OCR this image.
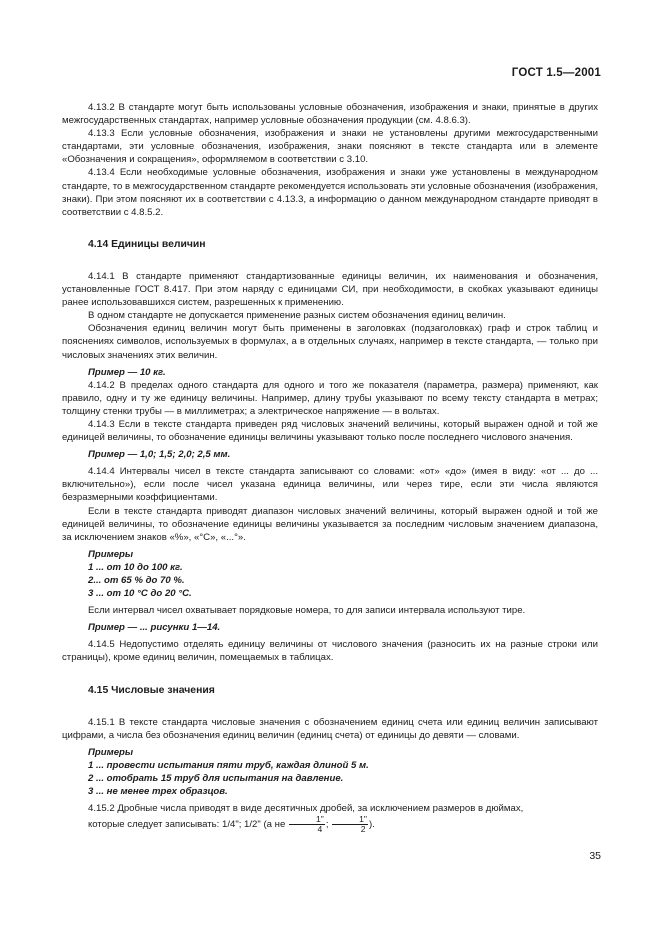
ГОСТ 1.5—2001

4.13.2 В стандарте могут быть использованы условные обозначения, изображения и знаки, принятые в других межгосударственных стандартах, например условные обозначения продукции (см. 4.8.6.3).

4.13.3 Если условные обозначения, изображения и знаки не установлены другими межгосударственными стандартами, эти условные обозначения, изображения, знаки поясняют в тексте стандарта или в элементе «Обозначения и сокращения», оформляемом в соответствии с 3.10.

4.13.4 Если необходимые условные обозначения, изображения и знаки уже установлены в международном стандарте, то в межгосударственном стандарте рекомендуется использовать эти условные обозначения (изображения, знаки). При этом поясняют их в соответствии с 4.13.3, а информацию о данном международном стандарте приводят в соответствии с 4.8.5.2.

4.14 Единицы величин

4.14.1 В стандарте применяют стандартизованные единицы величин, их наименования и обозначения, установленные ГОСТ 8.417. При этом наряду с единицами СИ, при необходимости, в скобках указывают единицы ранее использовавшихся систем, разрешенных к применению.

В одном стандарте не допускается применение разных систем обозначения единиц величин.

Обозначения единиц величин могут быть применены в заголовках (подзаголовках) граф и строк таблиц и пояснениях символов, используемых в формулах, а в отдельных случаях, например в тексте стандарта, — только при числовых значениях этих величин.

Пример — 10 кг.

4.14.2 В пределах одного стандарта для одного и того же показателя (параметра, размера) применяют, как правило, одну и ту же единицу величины. Например, длину трубы указывают по всему тексту стандарта в метрах; толщину стенки трубы — в миллиметрах; а электрическое напряжение — в вольтах.

4.14.3 Если в тексте стандарта приведен ряд числовых значений величины, который выражен одной и той же единицей величины, то обозначение единицы величины указывают только после последнего числового значения.

Пример — 1,0; 1,5; 2,0; 2,5 мм.

4.14.4 Интервалы чисел в тексте стандарта записывают со словами: «от» «до» (имея в виду: «от ... до ... включительно»), если после чисел указана единица величины, или через тире, если эти числа являются безразмерными коэффициентами.

Если в тексте стандарта приводят диапазон числовых значений величины, который выражен одной и той же единицей величины, то обозначение единицы величины указывается за последним числовым значением диапазона, за исключением знаков «%», «°С», «...°».

Примеры

1 ... от 10 до 100 кг.

2... от 65 % до 70 %.

3 ... от 10 °С до 20 °С.

Если интервал чисел охватывает порядковые номера, то для записи интервала используют тире.

Пример — ... рисунки 1—14.

4.14.5 Недопустимо отделять единицу величины от числового значения (разносить их на разные строки или страницы), кроме единиц величин, помещаемых в таблицах.

4.15 Числовые значения

4.15.1 В тексте стандарта числовые значения с обозначением единиц счета или единиц величин записывают цифрами, а числа без обозначения единиц величин (единиц счета) от единицы до девяти — словами.

Примеры

1 ... провести испытания пяти труб, каждая длиной 5 м.

2 ... отобрать 15 труб для испытания на давление.

3 ... не менее трех образцов.

4.15.2 Дробные числа приводят в виде десятичных дробей, за исключением размеров в дюймах,

которые следует записывать: 1/4"; 1/2" (а не $\frac{1"}{4}$ ; $\frac{1"}{2}$ ).

35
